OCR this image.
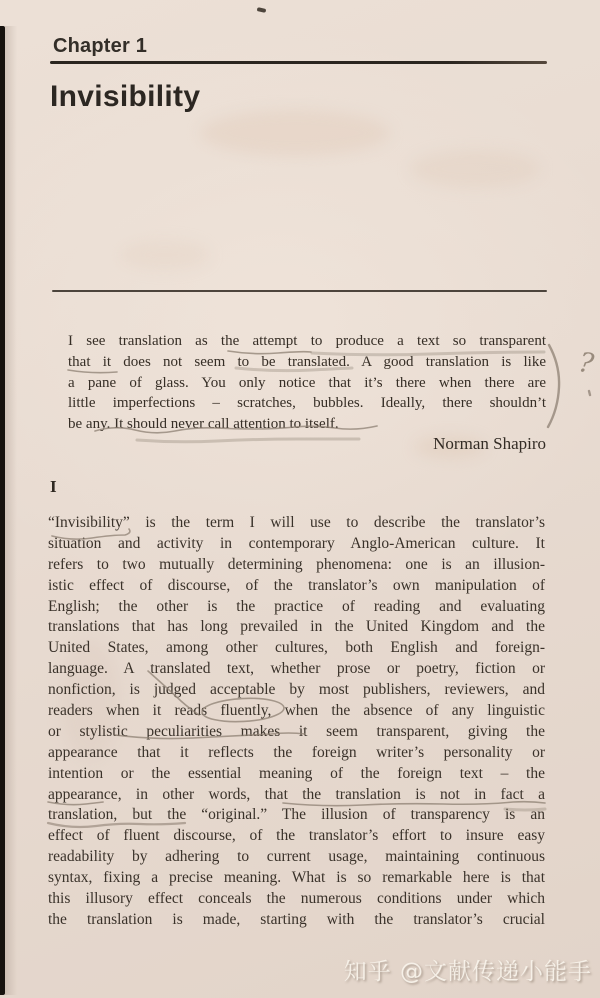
Chapter 1
Invisibility
I see translation as the attempt to produce a text so transparent
that it does not seem to be translated. A good translation is like
a pane of glass. You only notice that it’s there when there are
little imperfections – scratches, bubbles. Ideally, there shouldn’t
be any. It should never call attention to itself.
Norman Shapiro
?
I
“Invisibility” is the term I will use to describe the translator’s
situation and activity in contemporary Anglo-American culture. It
refers to two mutually determining phenomena: one is an illusion-
istic effect of discourse, of the translator’s own manipulation of
English; the other is the practice of reading and evaluating
translations that has long prevailed in the United Kingdom and the
United States, among other cultures, both English and foreign-
language. A translated text, whether prose or poetry, fiction or
nonfiction, is judged acceptable by most publishers, reviewers, and
readers when it reads fluently, when the absence of any linguistic
or stylistic peculiarities makes it seem transparent, giving the
appearance that it reflects the foreign writer’s personality or
intention or the essential meaning of the foreign text – the
appearance, in other words, that the translation is not in fact a
translation, but the “original.” The illusion of transparency is an
effect of fluent discourse, of the translator’s effort to insure easy
readability by adhering to current usage, maintaining continuous
syntax, fixing a precise meaning. What is so remarkable here is that
this illusory effect conceals the numerous conditions under which
the translation is made, starting with the translator’s crucial
知乎 @文献传递小能手
